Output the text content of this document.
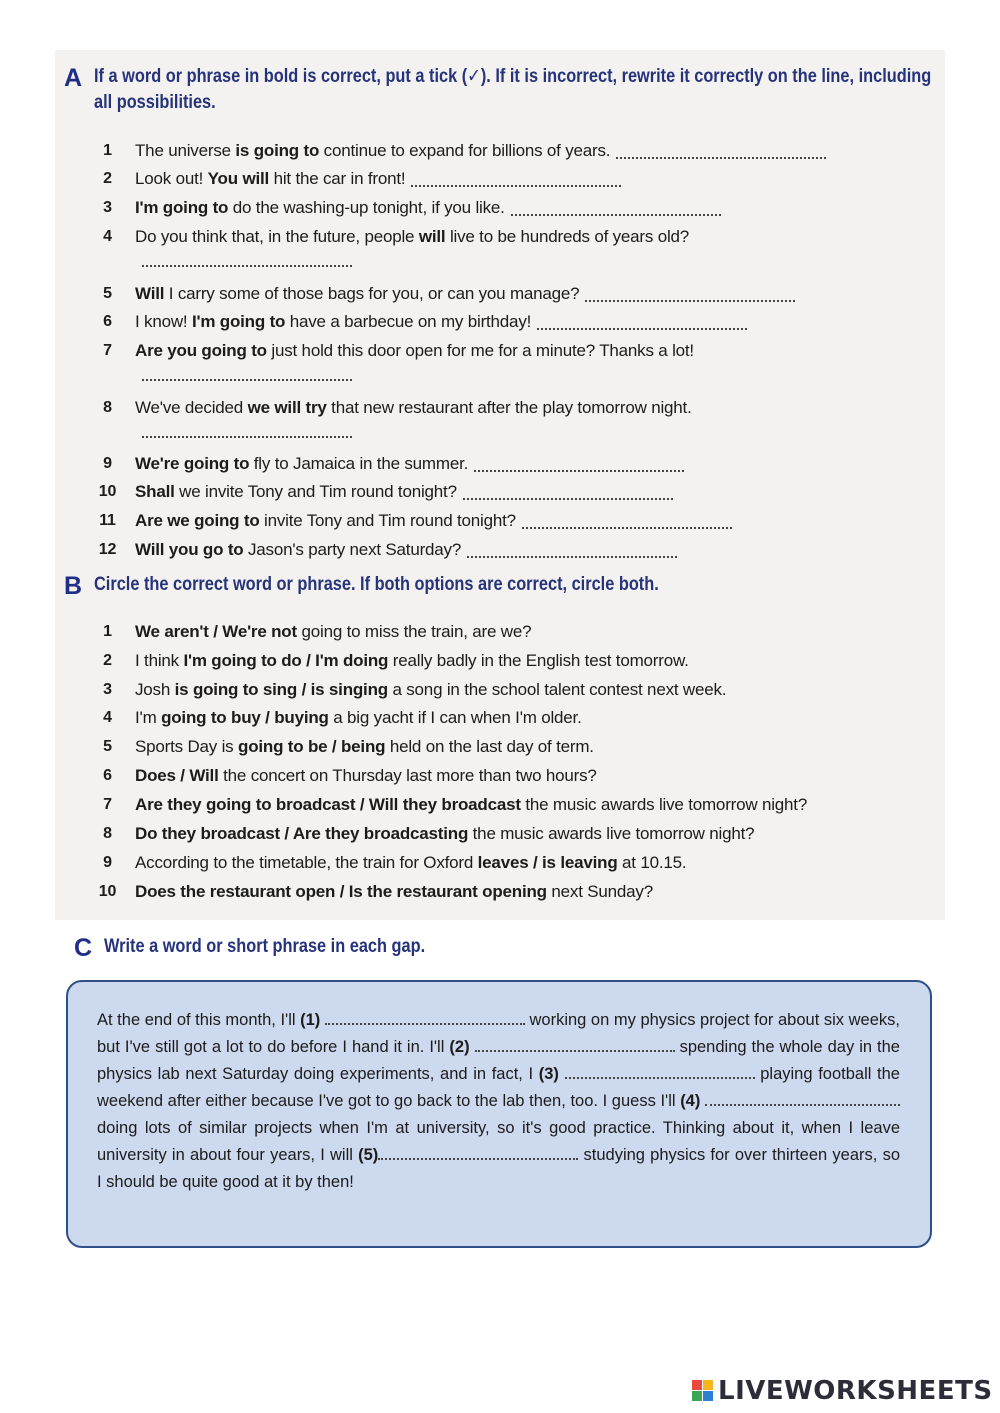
A If a word or phrase in bold is correct, put a tick (✓). If it is incorrect, rewrite it correctly on the line, including all possibilities.
1	The universe is going to continue to expand for billions of years.
2	Look out! You will hit the car in front!
3	I'm going to do the washing-up tonight, if you like.
4	Do you think that, in the future, people will live to be hundreds of years old?
5	Will I carry some of those bags for you, or can you manage?
6	I know! I'm going to have a barbecue on my birthday!
7	Are you going to just hold this door open for me for a minute? Thanks a lot!
8	We've decided we will try that new restaurant after the play tomorrow night.
9	We're going to fly to Jamaica in the summer.
10	Shall we invite Tony and Tim round tonight?
11	Are we going to invite Tony and Tim round tonight?
12	Will you go to Jason's party next Saturday?
B Circle the correct word or phrase. If both options are correct, circle both.
1	We aren't / We're not going to miss the train, are we?
2	I think I'm going to do / I'm doing really badly in the English test tomorrow.
3	Josh is going to sing / is singing a song in the school talent contest next week.
4	I'm going to buy / buying a big yacht if I can when I'm older.
5	Sports Day is going to be / being held on the last day of term.
6	Does / Will the concert on Thursday last more than two hours?
7	Are they going to broadcast / Will they broadcast the music awards live tomorrow night?
8	Do they broadcast / Are they broadcasting the music awards live tomorrow night?
9	According to the timetable, the train for Oxford leaves / is leaving at 10.15.
10	Does the restaurant open / Is the restaurant opening next Sunday?
C Write a word or short phrase in each gap.
At the end of this month, I'll (1)	working on my physics project for about six weeks, but I've still got a lot to do before I hand it in. I'll (2)	spending the whole day in the physics lab next Saturday doing experiments, and in fact, I (3)	playing football the weekend after either because I've got to go back to the lab then, too. I guess I'll (4)  doing lots of similar projects when I'm at university, so it's good practice. Thinking about it, when I leave university in about four years, I will (5)	studying physics for over thirteen years, so I should be quite good at it by then!
LIVEWORKSHEETS
